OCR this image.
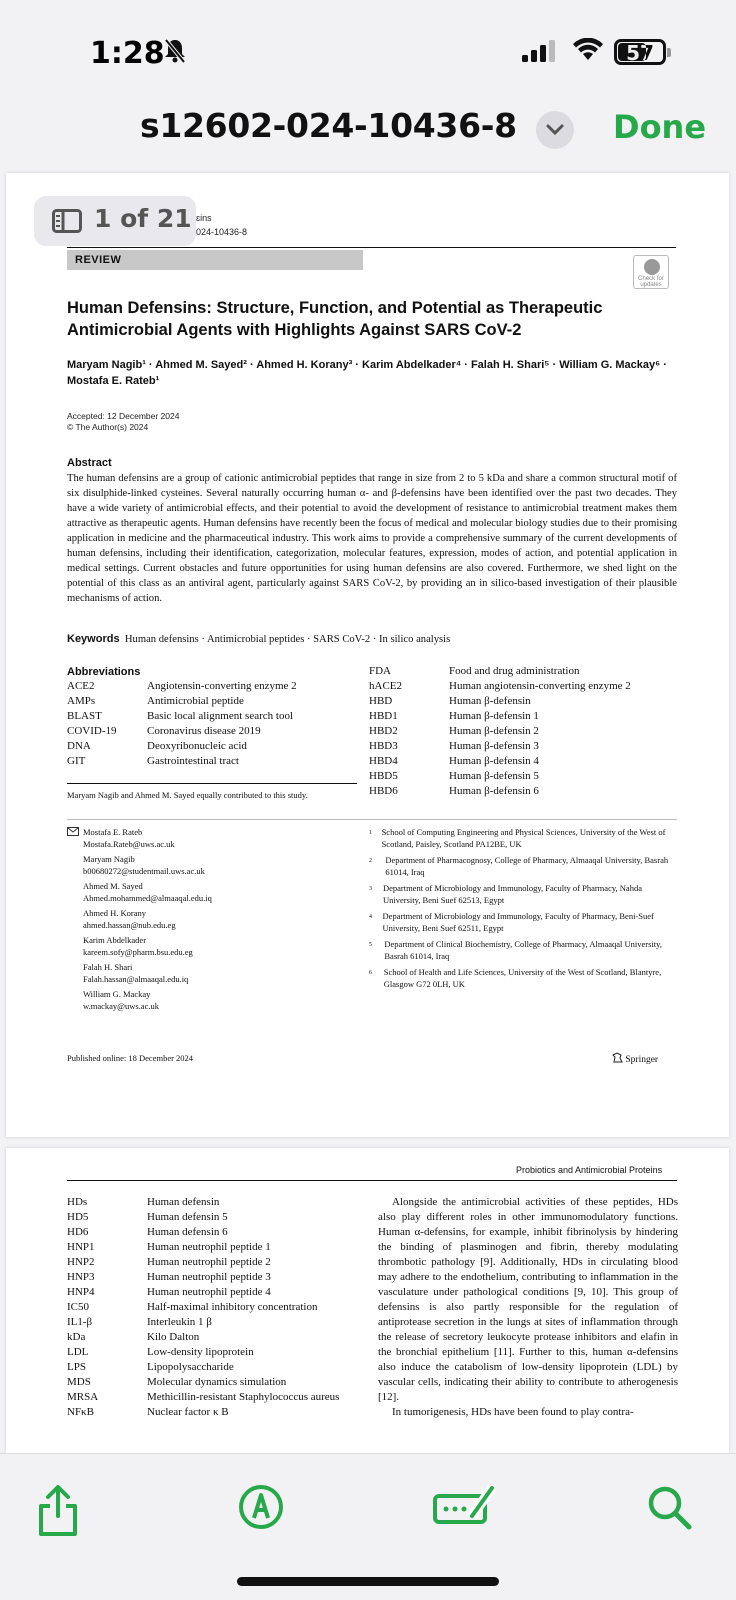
1:28	57
s12602-024-10436-8	Done
1 of 21 ɛins
024-10436-8
REVIEW
Check for updates
Human Defensins: Structure, Function, and Potential as Therapeutic Antimicrobial Agents with Highlights Against SARS CoV-2
Maryam Nagib¹ · Ahmed M. Sayed² · Ahmed H. Korany³ · Karim Abdelkader⁴ · Falah H. Shari⁵ · William G. Mackay⁶ · Mostafa E. Rateb¹
Accepted: 12 December 2024
© The Author(s) 2024
Abstract
The human defensins are a group of cationic antimicrobial peptides that range in size from 2 to 5 kDa and share a common structural motif of six disulphide-linked cysteines. Several naturally occurring human α- and β-defensins have been identified over the past two decades. They have a wide variety of antimicrobial effects, and their potential to avoid the development of resistance to antimicrobial treatment makes them attractive as therapeutic agents. Human defensins have recently been the focus of medical and molecular biology studies due to their promising application in medicine and the pharmaceutical industry. This work aims to provide a comprehensive summary of the current developments of human defensins, including their identification, categorization, molecular features, expression, modes of action, and potential application in medical settings. Current obstacles and future opportunities for using human defensins are also covered. Furthermore, we shed light on the potential of this class as an antiviral agent, particularly against SARS CoV-2, by providing an in silico-based investigation of their plausible mechanisms of action.
Keywords Human defensins · Antimicrobial peptides · SARS CoV-2 · In silico analysis
Abbreviations
ACE2	Angiotensin-converting enzyme 2
AMPs	Antimicrobial peptide
BLAST	Basic local alignment search tool
COVID-19	Coronavirus disease 2019
DNA	Deoxyribonucleic acid
GIT	Gastrointestinal tract
FDA	Food and drug administration
hACE2	Human angiotensin-converting enzyme 2
HBD	Human β-defensin
HBD1	Human β-defensin 1
HBD2	Human β-defensin 2
HBD3	Human β-defensin 3
HBD4	Human β-defensin 4
HBD5	Human β-defensin 5
HBD6	Human β-defensin 6
Maryam Nagib and Ahmed M. Sayed equally contributed to this study.
Mostafa E. Rateb
Mostafa.Rateb@uws.ac.uk
Maryam Nagib
b00680272@studentmail.uws.ac.uk
Ahmed M. Sayed
Ahmed.mohammed@almaaqal.edu.iq
Ahmed H. Korany
ahmed.hassan@nub.edu.eg
Karim Abdelkader
kareem.sofy@pharm.bsu.edu.eg
Falah H. Shari
Falah.hassan@almaaqal.edu.iq
William G. Mackay
w.mackay@uws.ac.uk
1	School of Computing Engineering and Physical Sciences, University of the West of Scotland, Paisley, Scotland PA12BE, UK
2	Department of Pharmacognosy, College of Pharmacy, Almaaqal University, Basrah 61014, Iraq
3	Department of Microbiology and Immunology, Faculty of Pharmacy, Nahda University, Beni Suef 62513, Egypt
4	Department of Microbiology and Immunology, Faculty of Pharmacy, Beni-Suef University, Beni Suef 62511, Egypt
5	Department of Clinical Biochemistry, College of Pharmacy, Almaaqal University, Basrah 61014, Iraq
6	School of Health and Life Sciences, University of the West of Scotland, Blantyre, Glasgow G72 0LH, UK
Published online: 18 December 2024	Springer
Probiotics and Antimicrobial Proteins
HDs	Human defensin
HD5	Human defensin 5
HD6	Human defensin 6
HNP1	Human neutrophil peptide 1
HNP2	Human neutrophil peptide 2
HNP3	Human neutrophil peptide 3
HNP4	Human neutrophil peptide 4
IC50	Half-maximal inhibitory concentration
IL1-β	Interleukin 1 β
kDa	Kilo Dalton
LDL	Low-density lipoprotein
LPS	Lipopolysaccharide
MDS	Molecular dynamics simulation
MRSA	Methicillin-resistant Staphylococcus aureus
NFκB	Nuclear factor κ B

Alongside the antimicrobial activities of these peptides, HDs also play different roles in other immunomodulatory functions. Human α-defensins, for example, inhibit fibrinolysis by hindering the binding of plasminogen and fibrin, thereby modulating thrombotic pathology [9]. Additionally, HDs in circulating blood may adhere to the endothelium, contributing to inflammation in the vasculature under pathological conditions [9, 10]. This group of defensins is also partly responsible for the regulation of antiprotease secretion in the lungs at sites of inflammation through the release of secretory leukocyte protease inhibitors and elafin in the bronchial epithelium [11]. Further to this, human α-defensins also induce the catabolism of low-density lipoprotein (LDL) by vascular cells, indicating their ability to contribute to atherogenesis [12].

In tumorigenesis, HDs have been found to play contra-
